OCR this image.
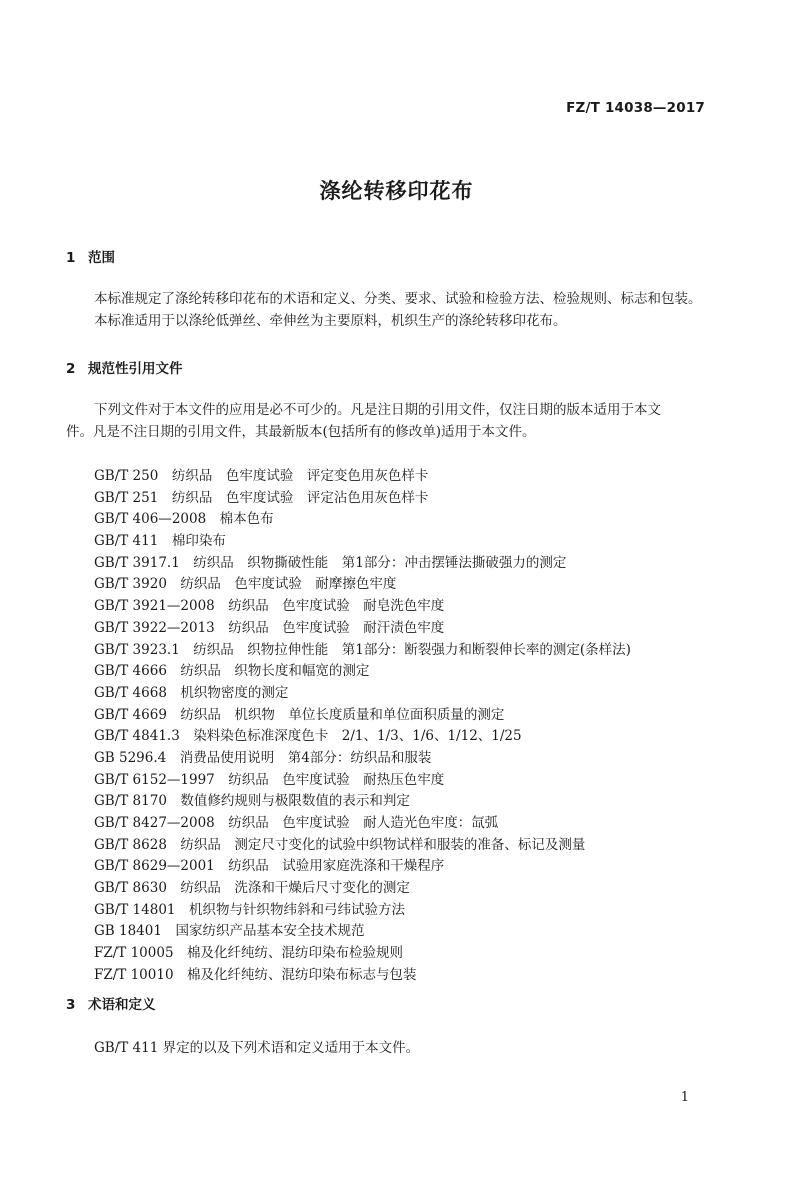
FZ/T 14038—2017
涤纶转移印花布
1 范围
本标准规定了涤纶转移印花布的术语和定义、分类、要求、试验和检验方法、检验规则、标志和包装。
本标准适用于以涤纶低弹丝、牵伸丝为主要原料，机织生产的涤纶转移印花布。
2 规范性引用文件
下列文件对于本文件的应用是必不可少的。凡是注日期的引用文件，仅注日期的版本适用于本文
件。凡是不注日期的引用文件，其最新版本(包括所有的修改单)适用于本文件。
GB/T 250　纺织品　色牢度试验　评定变色用灰色样卡
GB/T 251　纺织品　色牢度试验　评定沾色用灰色样卡
GB/T 406—2008　棉本色布
GB/T 411　棉印染布
GB/T 3917.1　纺织品　织物撕破性能　第1部分：冲击摆锤法撕破强力的测定
GB/T 3920　纺织品　色牢度试验　耐摩擦色牢度
GB/T 3921—2008　纺织品　色牢度试验　耐皂洗色牢度
GB/T 3922—2013　纺织品　色牢度试验　耐汗渍色牢度
GB/T 3923.1　纺织品　织物拉伸性能　第1部分：断裂强力和断裂伸长率的测定(条样法)
GB/T 4666　纺织品　织物长度和幅宽的测定
GB/T 4668　机织物密度的测定
GB/T 4669　纺织品　机织物　单位长度质量和单位面积质量的测定
GB/T 4841.3　染料染色标准深度色卡　2/1、1/3、1/6、1/12、1/25
GB 5296.4　消费品使用说明　第4部分：纺织品和服装
GB/T 6152—1997　纺织品　色牢度试验　耐热压色牢度
GB/T 8170　数值修约规则与极限数值的表示和判定
GB/T 8427—2008　纺织品　色牢度试验　耐人造光色牢度：氙弧
GB/T 8628　纺织品　测定尺寸变化的试验中织物试样和服装的准备、标记及测量
GB/T 8629—2001　纺织品　试验用家庭洗涤和干燥程序
GB/T 8630　纺织品　洗涤和干燥后尺寸变化的测定
GB/T 14801　机织物与针织物纬斜和弓纬试验方法
GB 18401　国家纺织产品基本安全技术规范
FZ/T 10005　棉及化纤纯纺、混纺印染布检验规则
FZ/T 10010　棉及化纤纯纺、混纺印染布标志与包装
3 术语和定义
GB/T 411 界定的以及下列术语和定义适用于本文件。
1
